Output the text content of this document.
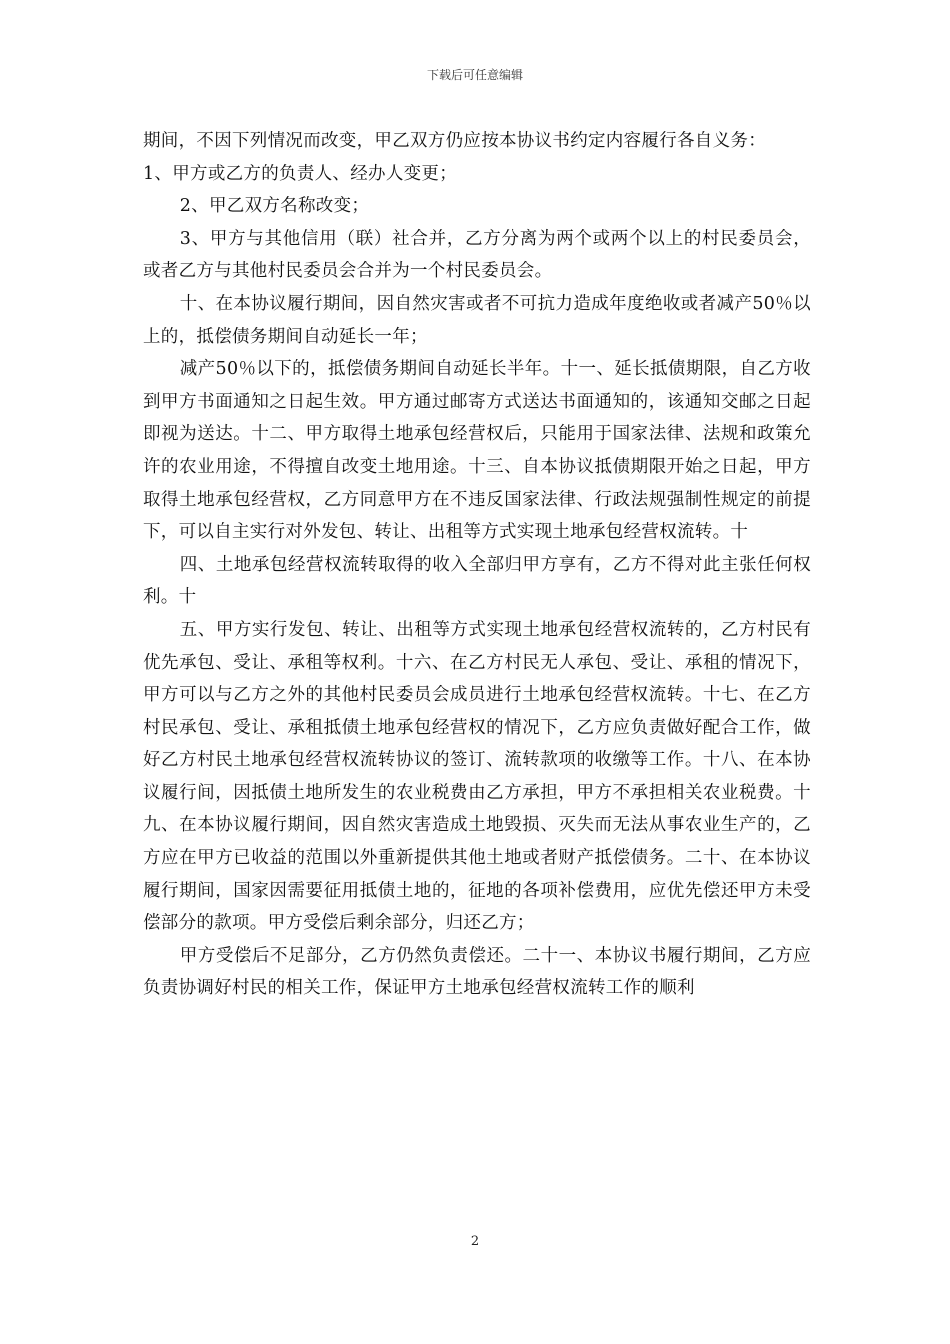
下载后可任意编辑

期间，不因下列情况而改变，甲乙双方仍应按本协议书约定内容履行各自义务：

1、甲方或乙方的负责人、经办人变更；

2、甲乙双方名称改变；

3、甲方与其他信用（联）社合并，乙方分离为两个或两个以上的村民委员会，或者乙方与其他村民委员会合并为一个村民委员会。

十、在本协议履行期间，因自然灾害或者不可抗力造成年度绝收或者减产50％以上的，抵偿债务期间自动延长一年；

减产50％以下的，抵偿债务期间自动延长半年。十一、延长抵债期限，自乙方收到甲方书面通知之日起生效。甲方通过邮寄方式送达书面通知的，该通知交邮之日起即视为送达。十二、甲方取得土地承包经营权后，只能用于国家法律、法规和政策允许的农业用途，不得擅自改变土地用途。十三、自本协议抵债期限开始之日起，甲方取得土地承包经营权，乙方同意甲方在不违反国家法律、行政法规强制性规定的前提下，可以自主实行对外发包、转让、出租等方式实现土地承包经营权流转。十

四、土地承包经营权流转取得的收入全部归甲方享有，乙方不得对此主张任何权利。十

五、甲方实行发包、转让、出租等方式实现土地承包经营权流转的，乙方村民有优先承包、受让、承租等权利。十六、在乙方村民无人承包、受让、承租的情况下，甲方可以与乙方之外的其他村民委员会成员进行土地承包经营权流转。十七、在乙方村民承包、受让、承租抵债土地承包经营权的情况下，乙方应负责做好配合工作，做好乙方村民土地承包经营权流转协议的签订、流转款项的收缴等工作。十八、在本协议履行间，因抵债土地所发生的农业税费由乙方承担，甲方不承担相关农业税费。十九、在本协议履行期间，因自然灾害造成土地毁损、灭失而无法从事农业生产的，乙方应在甲方已收益的范围以外重新提供其他土地或者财产抵偿债务。二十、在本协议履行期间，国家因需要征用抵债土地的，征地的各项补偿费用，应优先偿还甲方未受偿部分的款项。甲方受偿后剩余部分，归还乙方；

甲方受偿后不足部分，乙方仍然负责偿还。二十一、本协议书履行期间，乙方应负责协调好村民的相关工作，保证甲方土地承包经营权流转工作的顺利

2
